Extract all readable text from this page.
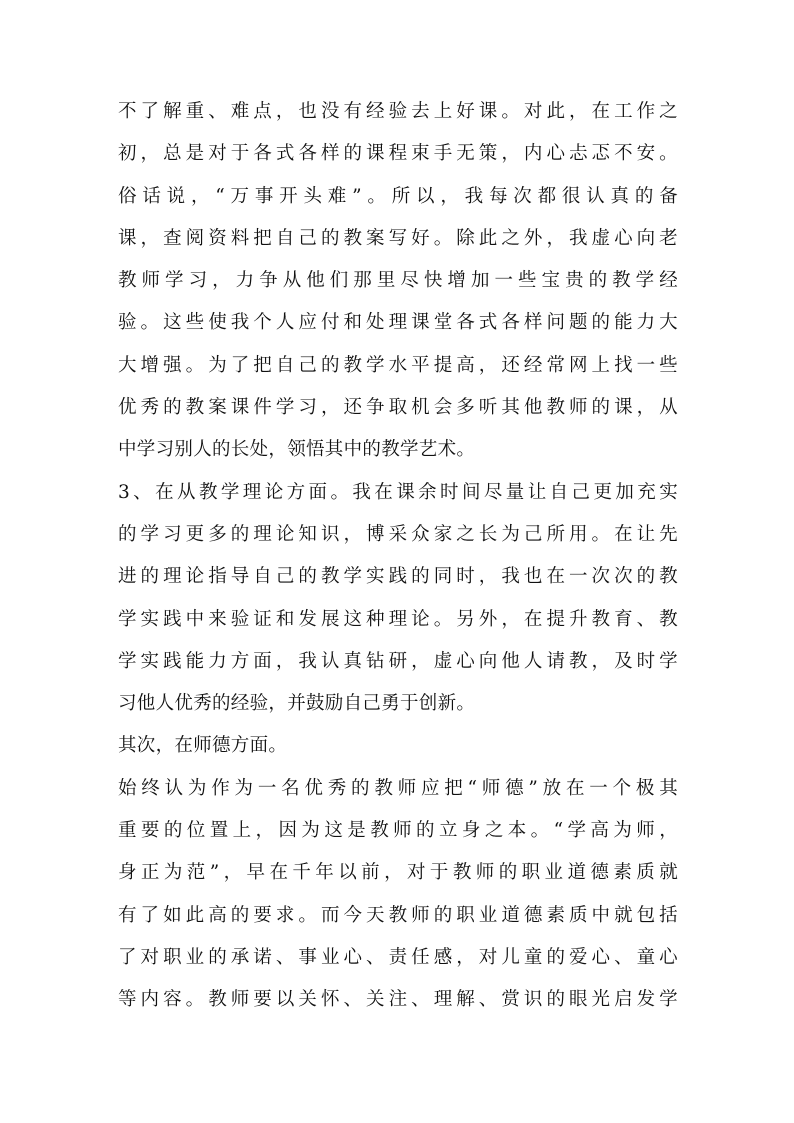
不了解重、难点，也没有经验去上好课。对此，在工作之
初，总是对于各式各样的课程束手无策，内心忐忑不安。
俗话说，“万事开头难”。所以，我每次都很认真的备
课，查阅资料把自己的教案写好。除此之外，我虚心向老
教师学习，力争从他们那里尽快增加一些宝贵的教学经
验。这些使我个人应付和处理课堂各式各样问题的能力大
大增强。为了把自己的教学水平提高，还经常网上找一些
优秀的教案课件学习，还争取机会多听其他教师的课，从
中学习别人的长处，领悟其中的教学艺术。
3、在从教学理论方面。我在课余时间尽量让自己更加充实
的学习更多的理论知识，博采众家之长为己所用。在让先
进的理论指导自己的教学实践的同时，我也在一次次的教
学实践中来验证和发展这种理论。另外，在提升教育、教
学实践能力方面，我认真钻研，虚心向他人请教，及时学
习他人优秀的经验，并鼓励自己勇于创新。
其次，在师德方面。
始终认为作为一名优秀的教师应把“师德”放在一个极其
重要的位置上，因为这是教师的立身之本。“学高为师，
身正为范”，早在千年以前，对于教师的职业道德素质就
有了如此高的要求。而今天教师的职业道德素质中就包括
了对职业的承诺、事业心、责任感，对儿童的爱心、童心
等内容。教师要以关怀、关注、理解、赏识的眼光启发学
